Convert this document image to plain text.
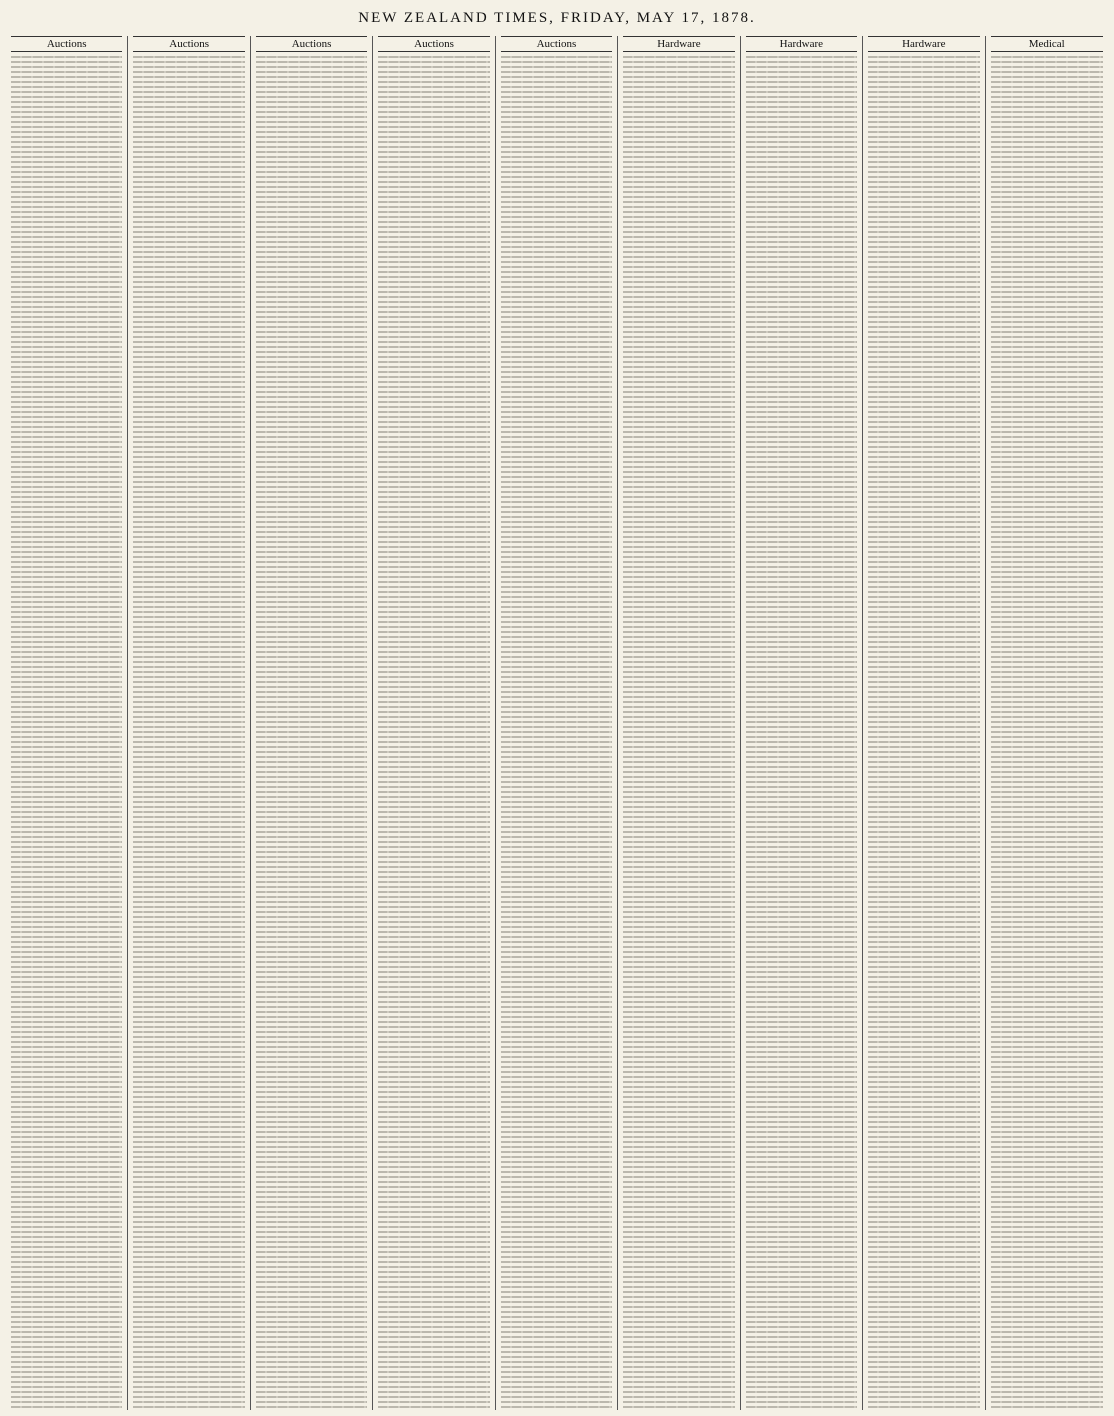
NEW ZEALAND TIMES, FRIDAY, MAY 17, 1878.
Auctions	Auctions	Auctions	Auctions	Auctions	Hardware	Hardware	Hardware	Medical
